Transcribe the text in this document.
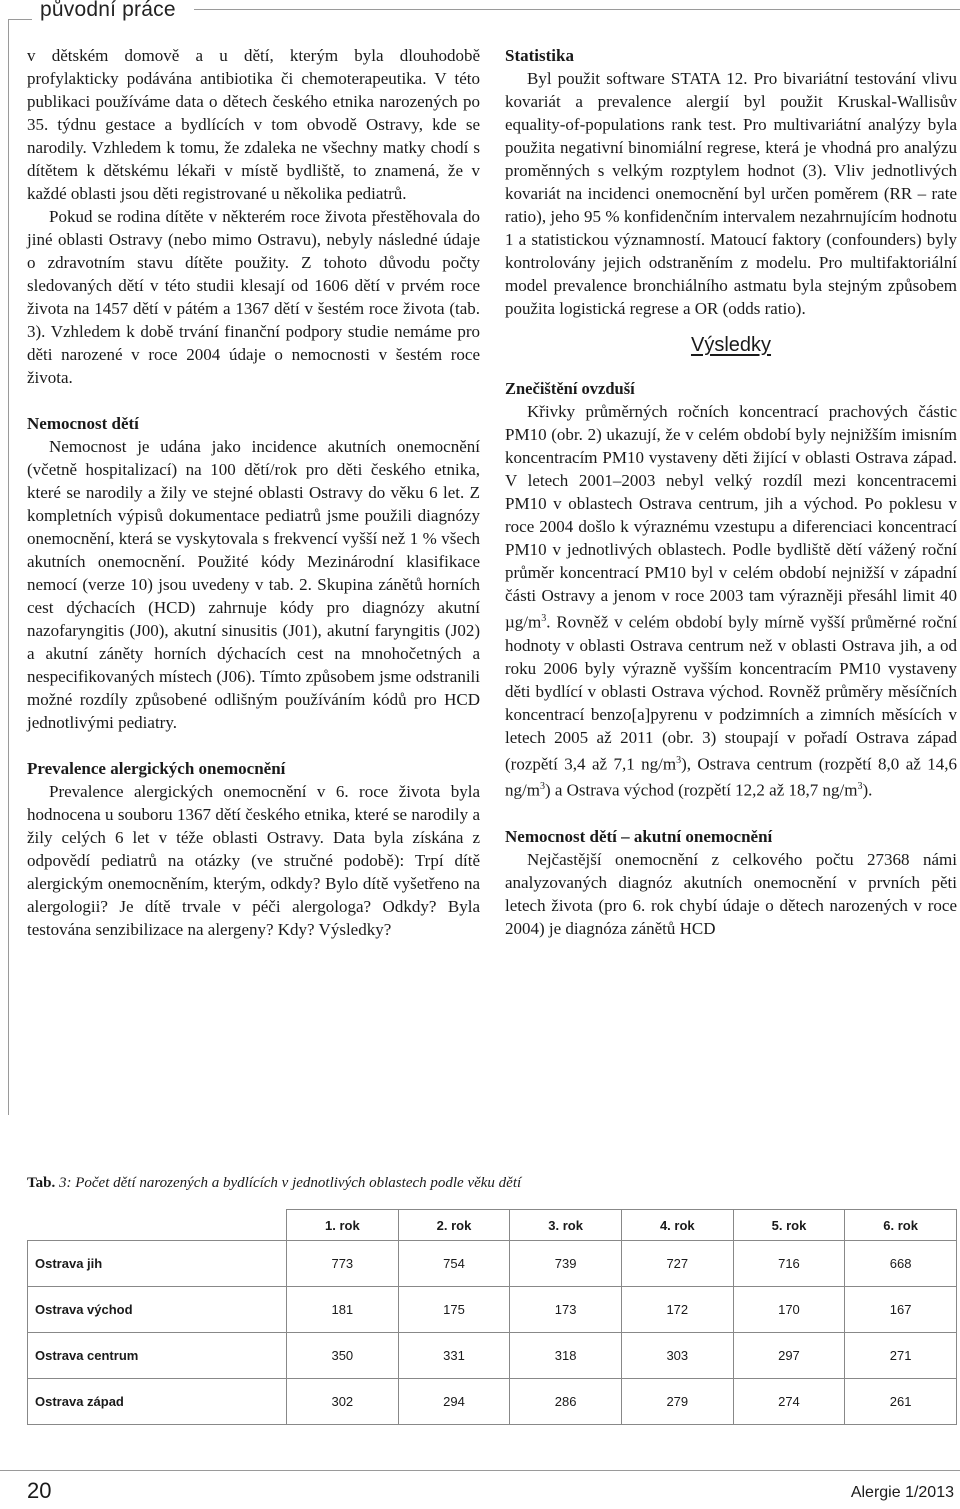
původní práce

v dětském domově a u dětí, kterým byla dlouhodobě profylakticky podávána antibiotika či chemoterapeutika. V této publikaci používáme data o dětech českého etnika narozených po 35. týdnu gestace a bydlících v tom obvodě Ostravy, kde se narodily. Vzhledem k tomu, že zdaleka ne všechny matky chodí s dítětem k dětskému lékaři v místě bydliště, to znamená, že v každé oblasti jsou děti registrované u několika pediatrů.

Pokud se rodina dítěte v některém roce života přestěhovala do jiné oblasti Ostravy (nebo mimo Ostravu), nebyly následné údaje o zdravotním stavu dítěte použity. Z tohoto důvodu počty sledovaných dětí v této studii klesají od 1606 dětí v prvém roce života na 1457 dětí v pátém a 1367 dětí v šestém roce života (tab. 3). Vzhledem k době trvání finanční podpory studie nemáme pro děti narozené v roce 2004 údaje o nemocnosti v šestém roce života.

Nemocnost dětí

Nemocnost je udána jako incidence akutních onemocnění (včetně hospitalizací) na 100 dětí/rok pro děti českého etnika, které se narodily a žily ve stejné oblasti Ostravy do věku 6 let. Z kompletních výpisů dokumentace pediatrů jsme použili diagnózy onemocnění, která se vyskytovala s frekvencí vyšší než 1 % všech akutních onemocnění. Použité kódy Mezinárodní klasifikace nemocí (verze 10) jsou uvedeny v tab. 2. Skupina zánětů horních cest dýchacích (HCD) zahrnuje kódy pro diagnózy akutní nazofaryngitis (J00), akutní sinusitis (J01), akutní faryngitis (J02) a akutní záněty horních dýchacích cest na mnohočetných a nespecifikovaných místech (J06). Tímto způsobem jsme odstranili možné rozdíly způsobené odlišným používáním kódů pro HCD jednotlivými pediatry.

Prevalence alergických onemocnění

Prevalence alergických onemocnění v 6. roce života byla hodnocena u souboru 1367 dětí českého etnika, které se narodily a žily celých 6 let v téže oblasti Ostravy. Data byla získána z odpovědí pediatrů na otázky (ve stručné podobě): Trpí dítě alergickým onemocněním, kterým, odkdy? Bylo dítě vyšetřeno na alergologii? Je dítě trvale v péči alergologa? Odkdy? Byla testována senzibilizace na alergeny? Kdy? Výsledky?

Statistika

Byl použit software STATA 12. Pro bivariátní testování vlivu kovariát a prevalence alergií byl použit Kruskal-Wallisův equality-of-populations rank test. Pro multivariátní analýzy byla použita negativní binomiální regrese, která je vhodná pro analýzu proměnných s velkým rozptylem hodnot (3). Vliv jednotlivých kovariát na incidenci onemocnění byl určen poměrem (RR – rate ratio), jeho 95 % konfidenčním intervalem nezahrnujícím hodnotu 1 a statistickou významností. Matoucí faktory (confounders) byly kontrolovány jejich odstraněním z modelu. Pro multifaktoriální model prevalence bronchiálního astmatu byla stejným způsobem použita logistická regrese a OR (odds ratio).

Výsledky
Znečištění ovzduší

Křivky průměrných ročních koncentrací prachových částic PM10 (obr. 2) ukazují, že v celém období byly nejnižším imisním koncentracím PM10 vystaveny děti žijící v oblasti Ostrava západ. V letech 2001–2003 nebyl velký rozdíl mezi koncentracemi PM10 v oblastech Ostrava centrum, jih a východ. Po poklesu v roce 2004 došlo k výraznému vzestupu a diferenciaci koncentrací PM10 v jednotlivých oblastech. Podle bydliště dětí vážený roční průměr koncentrací PM10 byl v celém období nejnižší v západní části Ostravy a jenom v roce 2003 tam výrazněji přesáhl limit 40 $\mu g/m^3$. Rovněž v celém období byly mírně vyšší průměrné roční hodnoty v oblasti Ostrava centrum než v oblasti Ostrava jih, a od roku 2006 byly výrazně vyšším koncentracím PM10 vystaveny děti bydlící v oblasti Ostrava východ. Rovněž průměry měsíčních koncentrací benzo[a]pyrenu v podzimních a zimních měsících v letech 2005 až 2011 (obr. 3) stoupají v pořadí Ostrava západ (rozpětí 3,4 až 7,1 $ng/m^3$), Ostrava centrum (rozpětí 8,0 až 14,6 $ng/m^3$) a Ostrava východ (rozpětí 12,2 až 18,7 $ng/m^3$).

Nemocnost dětí – akutní onemocnění

Nejčastější onemocnění z celkového počtu 27368 námi analyzovaných diagnóz akutních onemocnění v prvních pěti letech života (pro 6. rok chybí údaje o dětech narozených v roce 2004) je diagnóza zánětů HCD

Tab. 3: Počet dětí narozených a bydlících v jednotlivých oblastech podle věku dětí
	1. rok	2. rok	3. rok	4. rok	5. rok	6. rok
Ostrava jih	773	754	739	727	716	668
Ostrava východ	181	175	173	172	170	167
Ostrava centrum	350	331	318	303	297	271
Ostrava západ	302	294	286	279	274	261
20	Alergie 1/2013
